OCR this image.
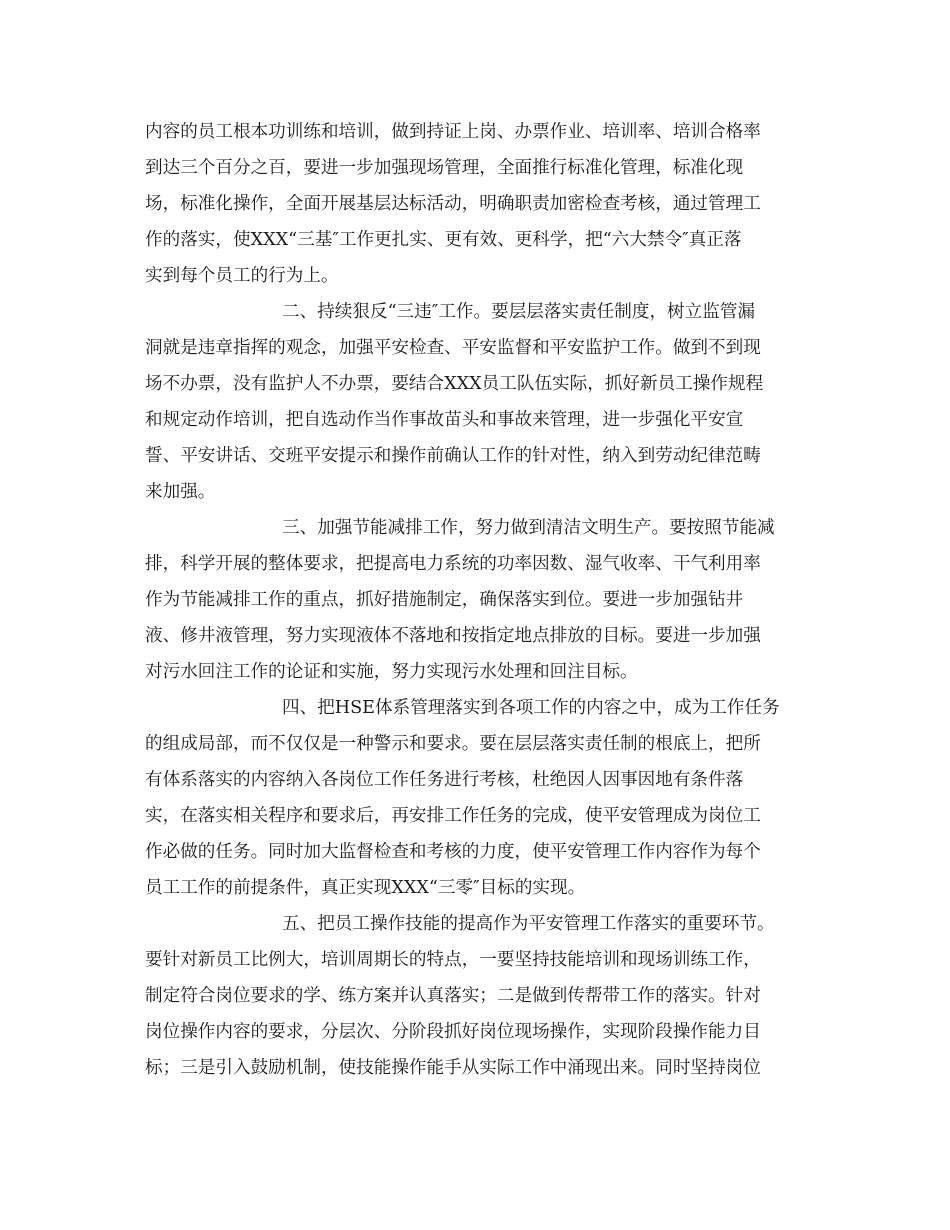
内容的员工根本功训练和培训，做到持证上岗、办票作业、培训率、培训合格率
到达三个百分之百，要进一步加强现场管理，全面推行标准化管理，标准化现
场，标准化操作，全面开展基层达标活动，明确职责加密检查考核，通过管理工
作的落实，使XXX“三基″工作更扎实、更有效、更科学，把“六大禁令″真正落
实到每个员工的行为上。
二、持续狠反“三违″工作。要层层落实责任制度，树立监管漏
洞就是违章指挥的观念，加强平安检查、平安监督和平安监护工作。做到不到现
场不办票，没有监护人不办票，要结合XXX员工队伍实际，抓好新员工操作规程
和规定动作培训，把自选动作当作事故苗头和事故来管理，进一步强化平安宣
誓、平安讲话、交班平安提示和操作前确认工作的针对性，纳入到劳动纪律范畴
来加强。
三、加强节能减排工作，努力做到清洁文明生产。要按照节能减
排，科学开展的整体要求，把提高电力系统的功率因数、湿气收率、干气利用率
作为节能减排工作的重点，抓好措施制定，确保落实到位。要进一步加强钻井
液、修井液管理，努力实现液体不落地和按指定地点排放的目标。要进一步加强
对污水回注工作的论证和实施，努力实现污水处理和回注目标。
四、把HSE体系管理落实到各项工作的内容之中，成为工作任务
的组成局部，而不仅仅是一种警示和要求。要在层层落实责任制的根底上，把所
有体系落实的内容纳入各岗位工作任务进行考核，杜绝因人因事因地有条件落
实，在落实相关程序和要求后，再安排工作任务的完成，使平安管理成为岗位工
作必做的任务。同时加大监督检查和考核的力度，使平安管理工作内容作为每个
员工工作的前提条件，真正实现XXX“三零″目标的实现。
五、把员工操作技能的提高作为平安管理工作落实的重要环节。
要针对新员工比例大，培训周期长的特点，一要坚持技能培训和现场训练工作，
制定符合岗位要求的学、练方案并认真落实；二是做到传帮带工作的落实。针对
岗位操作内容的要求，分层次、分阶段抓好岗位现场操作，实现阶段操作能力目
标；三是引入鼓励机制，使技能操作能手从实际工作中涌现出来。同时坚持岗位
